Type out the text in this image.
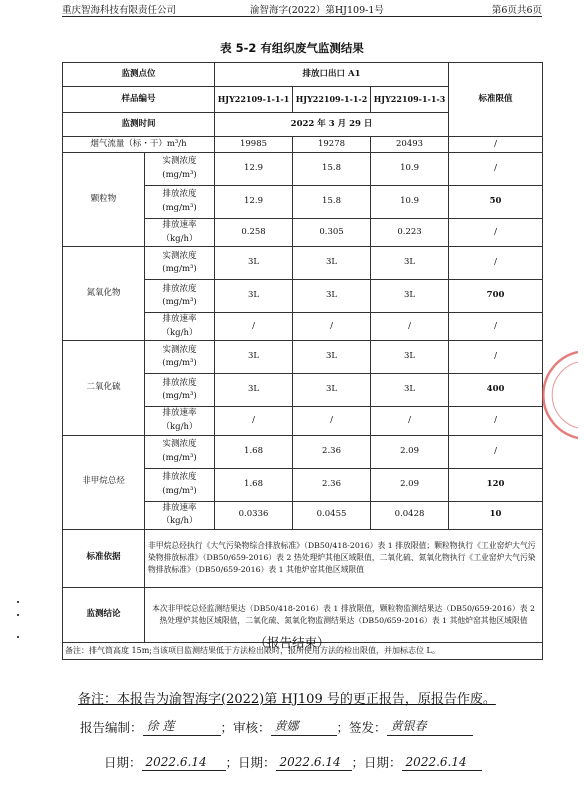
重庆智海科技有限责任公司	渝智海字(2022）第HJ109-1号	第6页共6页
表 5-2 有组织废气监测结果
监测点位		排放口出口 A1			标准限值
样品编号		HJY22109-1-1-1	HJY22109-1-1-2	HJY22109-1-1-3	
监测时间		2022 年 3 月 29 日			
烟气流量（标・干）m³/h		19985	19278	20493	/
颗粒物	实测浓度
(mg/m³)	12.9	15.8	10.9	/

	排放浓度
(mg/m³)	12.9	15.8	10.9	50

	排放速率（kg/h）	0.258	0.305	0.223	/
氮氧化物	实测浓度
(mg/m³)	3L	3L	3L	/

	排放浓度
(mg/m³)	3L	3L	3L	700

	排放速率（kg/h）	/	/	/	/
二氧化硫	实测浓度
(mg/m³)	3L	3L	3L	/

	排放浓度
(mg/m³)	3L	3L	3L	400

	排放速率（kg/h）	/	/	/	/
非甲烷总烃	实测浓度
(mg/m³)	1.68	2.36	2.09	/

	排放浓度
(mg/m³)	1.68	2.36	2.09	120

	排放速率（kg/h）	0.0336	0.0455	0.0428	10
标准依据	非甲烷总烃执行《大气污染物综合排放标准》（DB50/418-2016）表 1 排放限值；颗粒物执行《工业窑炉大气污染物排放标准》（DB50/659-2016）表 2 热处理炉其他区域限值，二氧化硫、氮氧化物执行《工业窑炉大气污染物排放标准》（DB50/659-2016）表 1 其他炉窑其他区域限值				
监测结论	本次非甲烷总烃监测结果达（DB50/418-2016）表 1 排放限值，颗粒物监测结果达（DB50/659-2016）表 2 热处理炉其他区域限值，二氧化硫、氮氧化物监测结果达（DB50/659-2016）表 1 其他炉窑其他区域限值				
备注：排气筒高度 15m;当该项目监测结果低于方法检出限时，报所使用方法的检出限值，并加标志位 L。					
（报告结束）
备注：本报告为渝智海字(2022)第 HJ109 号的更正报告，原报告作废。
报告编制： 徐 莲	；审核： 黄娜	；签发： 黄银春
日期： 2022.6.14 ；日期： 2022.6.14 ；日期： 2022.6.14
